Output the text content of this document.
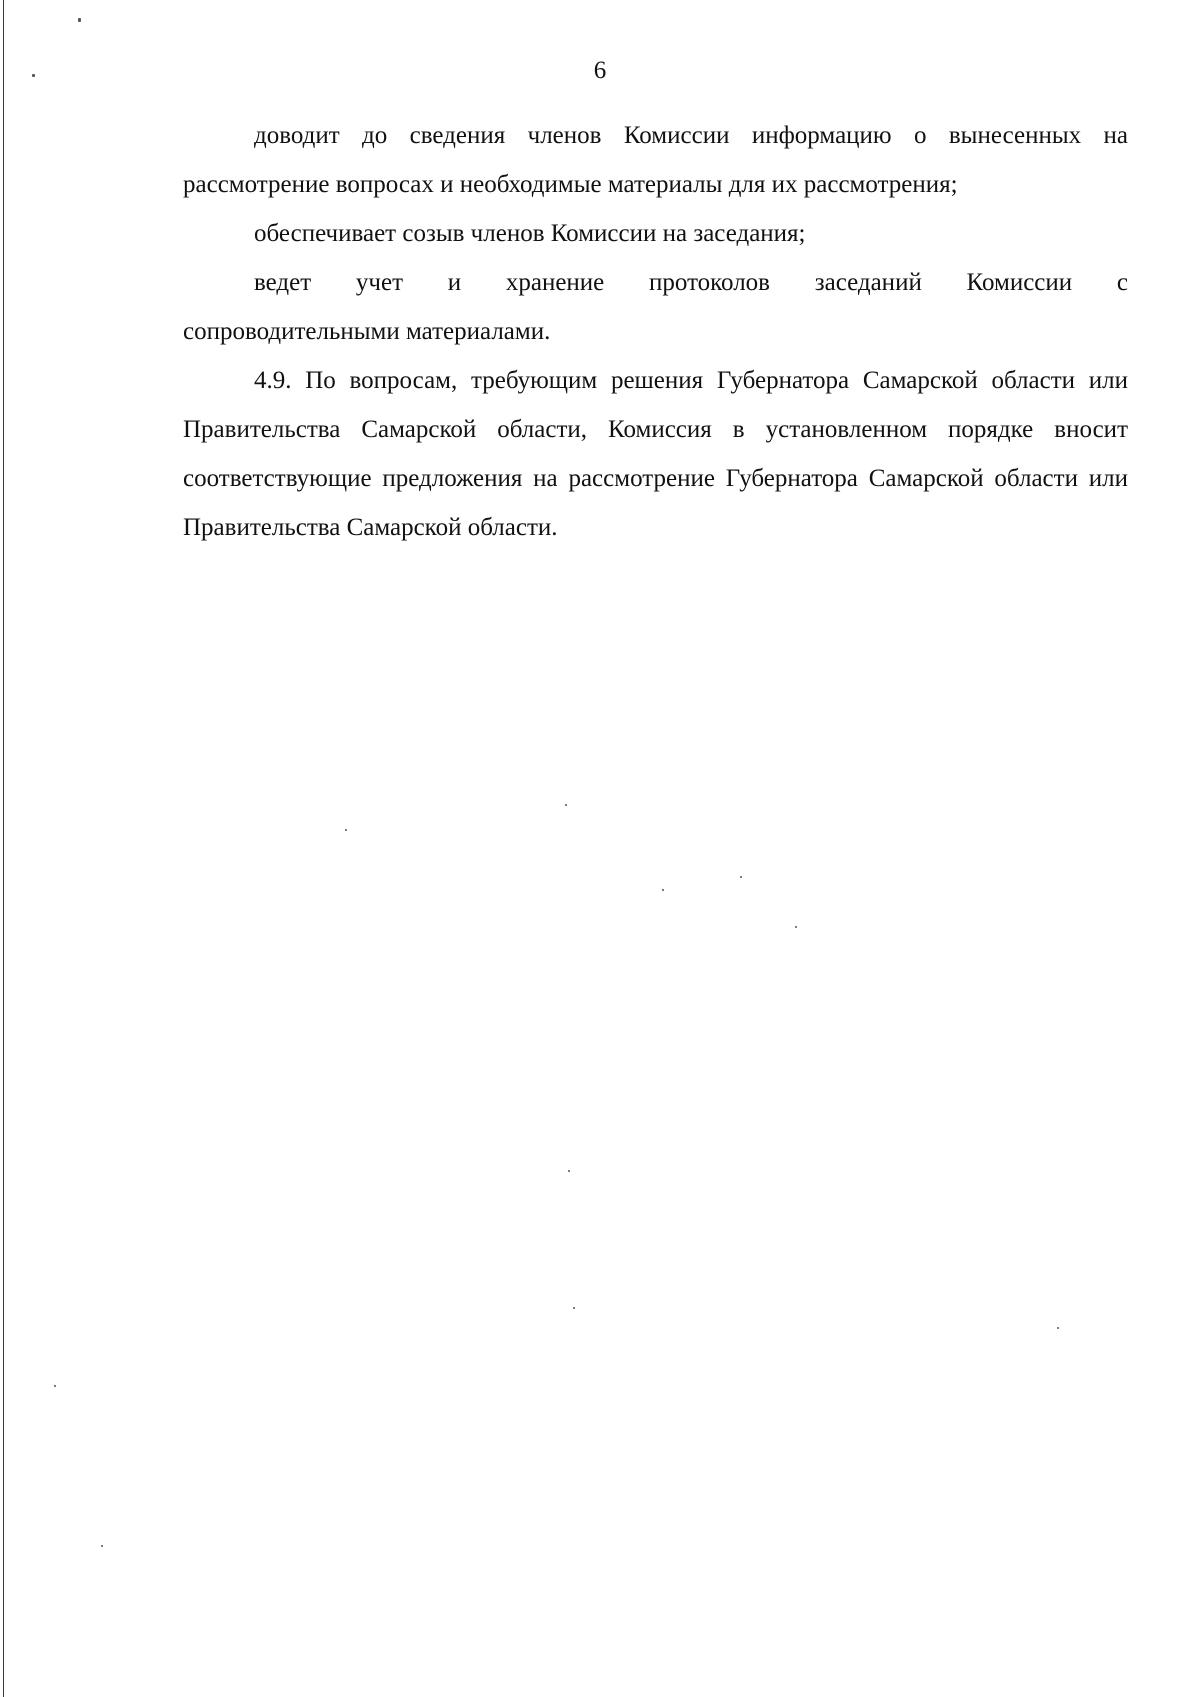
6

доводит до сведения членов Комиссии информацию о вынесенных на рассмотрение вопросах и необходимые материалы для их рассмотрения;

обеспечивает созыв членов Комиссии на заседания;

ведет учет и хранение протоколов заседаний Комиссии с

сопроводительными материалами.

4.9. По вопросам, требующим решения Губернатора Самарской области или Правительства Самарской области, Комиссия в установленном порядке вносит соответствующие предложения на рассмотрение Губернатора Самарской области или Правительства Самарской области.
